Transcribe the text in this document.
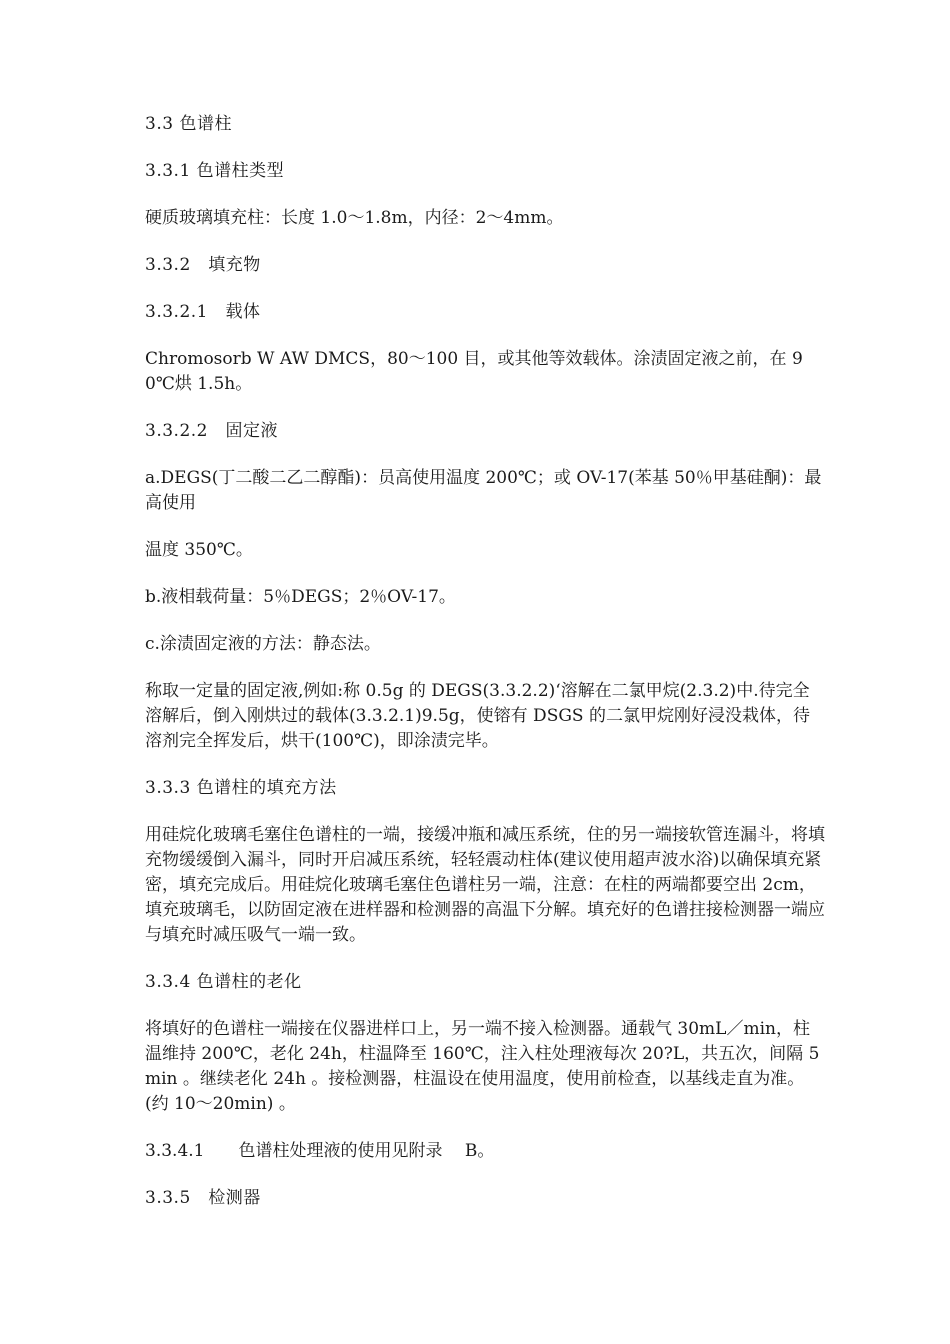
3.3 色谱柱

3.3.1 色谱柱类型

硬质玻璃填充柱：长度 1.0～1.8m，内径：2～4mm。

3.3.2　填充物

3.3.2.1　载体

Chromosorb W AW DMCS，80～100 目，或其他等效载体。涂渍固定液之前，在 90℃烘 1.5h。

3.3.2.2　固定液

a.DEGS(丁二酸二乙二醇酯)：员高使用温度 200℃；或 OV-17(苯基 50％甲基硅酮)：最高使用

温度 350℃。

b.液相载荷量：5％DEGS；2％OV-17。

c.涂渍固定液的方法：静态法。

称取一定量的固定液,例如:称 0.5g 的 DEGS(3.3.2.2)‘溶解在二氯甲烷(2.3.2)中.待完全溶解后，倒入刚烘过的载体(3.3.2.1)9.5g，使镕有 DSGS 的二氯甲烷刚好浸没栽体，待溶剂完全挥发后，烘干(100℃)，即涂渍完毕。

3.3.3 色谱柱的填充方法

用硅烷化玻璃毛塞住色谱柱的一端，接缓冲瓶和减压系统，住的另一端接软管连漏斗，将填充物缓缓倒入漏斗，同时开启减压系统，轻轻震动柱体(建议使用超声波水浴)以确保填充紧密，填充完成后。用硅烷化玻璃毛塞住色谱柱另一端，注意：在柱的两端都要空出 2cm，填充玻璃毛，以防固定液在进样器和检测器的高温下分解。填充好的色谱拄接检测器一端应与填充时减压吸气一端一致。

3.3.4 色谱柱的老化

将填好的色谱柱一端接在仪器进样口上，另一端不接入检测器。通载气 30mL／min，柱温维持 200℃，老化 24h，柱温降至 160℃，注入柱处理液每次 20?L，共五次，间隔 5min 。继续老化 24h 。接检测器，柱温设在使用温度，使用前检查，以基线走直为准。 (约 10～20min) 。

3.3.4.1　　色谱柱处理液的使用见附录　 B。

3.3.5　检测器
